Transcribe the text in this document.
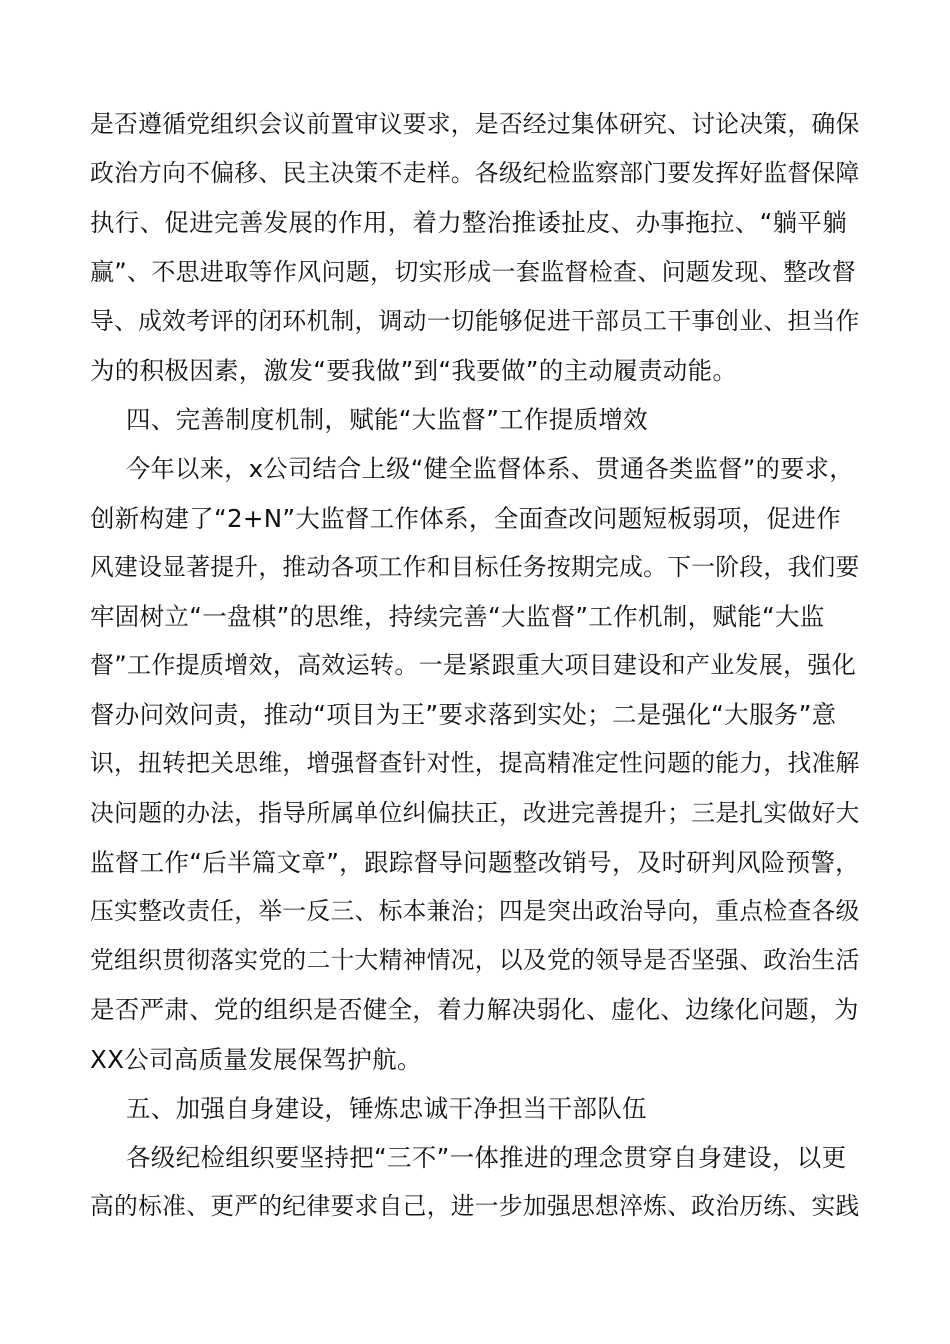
是否遵循党组织会议前置审议要求，是否经过集体研究、讨论决策，确保
政治方向不偏移、民主决策不走样。各级纪检监察部门要发挥好监督保障
执行、促进完善发展的作用，着力整治推诿扯皮、办事拖拉、“躺平躺
赢”、不思进取等作风问题，切实形成一套监督检查、问题发现、整改督
导、成效考评的闭环机制，调动一切能够促进干部员工干事创业、担当作
为的积极因素，激发“要我做”到“我要做”的主动履责动能。
四、完善制度机制，赋能“大监督”工作提质增效
今年以来，x公司结合上级“健全监督体系、贯通各类监督”的要求，
创新构建了“2+N”大监督工作体系，全面查改问题短板弱项，促进作
风建设显著提升，推动各项工作和目标任务按期完成。下一阶段，我们要
牢固树立“一盘棋”的思维，持续完善“大监督”工作机制，赋能“大监
督”工作提质增效，高效运转。一是紧跟重大项目建设和产业发展，强化
督办问效问责，推动“项目为王”要求落到实处；二是强化“大服务”意
识，扭转把关思维，增强督查针对性，提高精准定性问题的能力，找准解
决问题的办法，指导所属单位纠偏扶正，改进完善提升；三是扎实做好大
监督工作“后半篇文章”，跟踪督导问题整改销号，及时研判风险预警，
压实整改责任，举一反三、标本兼治；四是突出政治导向，重点检查各级
党组织贯彻落实党的二十大精神情况，以及党的领导是否坚强、政治生活
是否严肃、党的组织是否健全，着力解决弱化、虚化、边缘化问题，为
XX公司高质量发展保驾护航。
五、加强自身建设，锤炼忠诚干净担当干部队伍
各级纪检组织要坚持把“三不”一体推进的理念贯穿自身建设，以更
高的标准、更严的纪律要求自己，进一步加强思想淬炼、政治历练、实践
